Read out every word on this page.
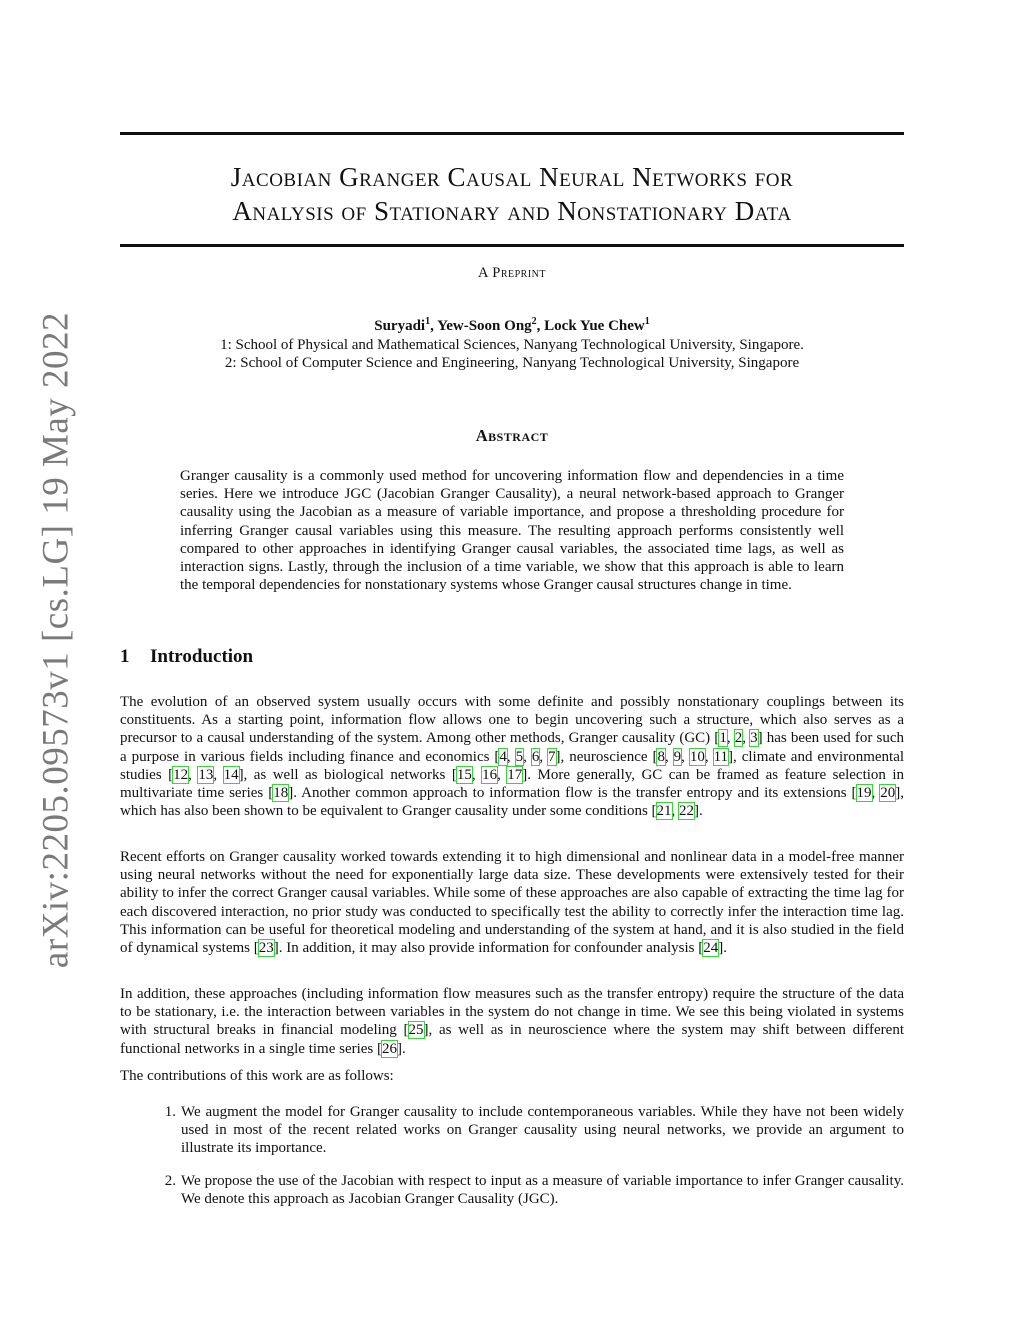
arXiv:2205.09573v1 [cs.LG] 19 May 2022
Jacobian Granger Causal Neural Networks for
Analysis of Stationary and Nonstationary Data
A Preprint
Suryadi$^1$, Yew-Soon Ong$^2$, Lock Yue Chew$^1$
1: School of Physical and Mathematical Sciences, Nanyang Technological University, Singapore.
2: School of Computer Science and Engineering, Nanyang Technological University, Singapore
Abstract

Granger causality is a commonly used method for uncovering information flow and dependencies in a time series. Here we introduce JGC (Jacobian Granger Causality), a neural network-based approach to Granger causality using the Jacobian as a measure of variable importance, and propose a thresholding procedure for inferring Granger causal variables using this measure. The resulting approach performs consistently well compared to other approaches in identifying Granger causal variables, the associated time lags, as well as interaction signs. Lastly, through the inclusion of a time variable, we show that this approach is able to learn the temporal dependencies for nonstationary systems whose Granger causal structures change in time.

1 Introduction

The evolution of an observed system usually occurs with some definite and possibly nonstationary couplings between its constituents. As a starting point, information flow allows one to begin uncovering such a structure, which also serves as a precursor to a causal understanding of the system. Among other methods, Granger causality (GC) [1, 2, 3] has been used for such a purpose in various fields including finance and economics [4, 5, 6, 7], neuroscience [8, 9, 10, 11], climate and environmental studies [12, 13, 14], as well as biological networks [15, 16, 17]. More generally, GC can be framed as feature selection in multivariate time series [18]. Another common approach to information flow is the transfer entropy and its extensions [19, 20], which has also been shown to be equivalent to Granger causality under some conditions [21, 22].

Recent efforts on Granger causality worked towards extending it to high dimensional and nonlinear data in a model-free manner using neural networks without the need for exponentially large data size. These developments were extensively tested for their ability to infer the correct Granger causal variables. While some of these approaches are also capable of extracting the time lag for each discovered interaction, no prior study was conducted to specifically test the ability to correctly infer the interaction time lag. This information can be useful for theoretical modeling and understanding of the system at hand, and it is also studied in the field of dynamical systems [23]. In addition, it may also provide information for confounder analysis [24].

In addition, these approaches (including information flow measures such as the transfer entropy) require the structure of the data to be stationary, i.e. the interaction between variables in the system do not change in time. We see this being violated in systems with structural breaks in financial modeling [25], as well as in neuroscience where the system may shift between different functional networks in a single time series [26].

The contributions of this work are as follows:

1. We augment the model for Granger causality to include contemporaneous variables. While they have not been widely used in most of the recent related works on Granger causality using neural networks, we provide an argument to illustrate its importance.
2. We propose the use of the Jacobian with respect to input as a measure of variable importance to infer Granger causality. We denote this approach as Jacobian Granger Causality (JGC).
